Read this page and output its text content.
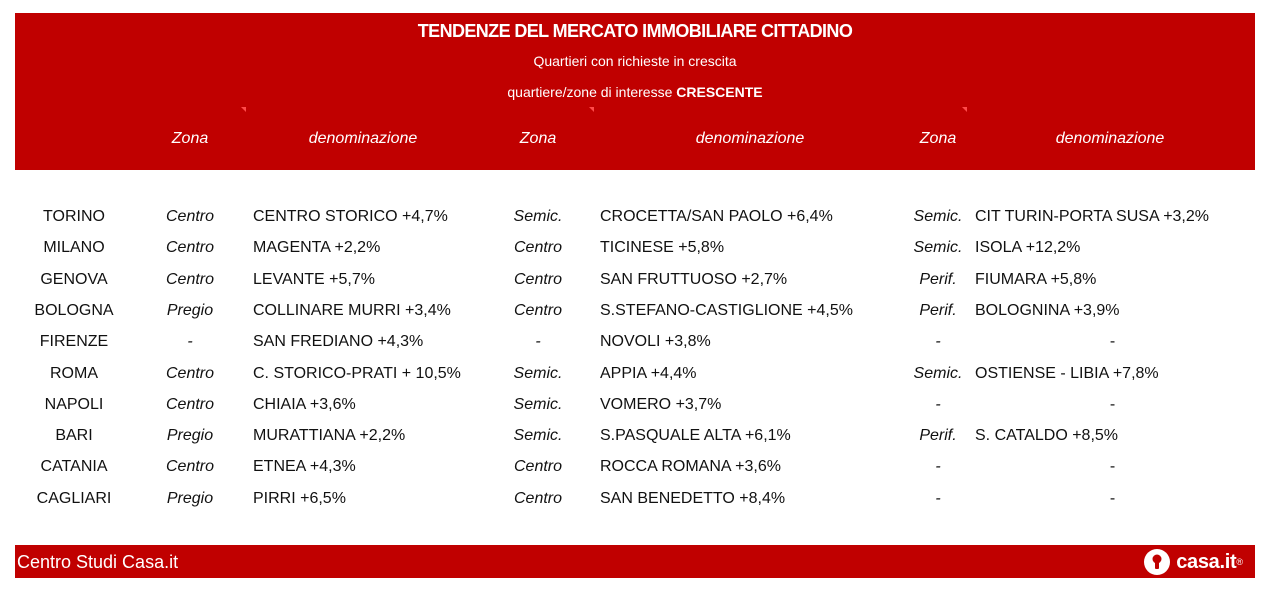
TENDENZE DEL MERCATO IMMOBILIARE CITTADINO
Quartieri con richieste in crescita
quartiere/zone di interesse CRESCENTE
Zona	denominazione	Zona	denominazione	Zona	denominazione
TORINO	Centro	CENTRO STORICO +4,7%	Semic.	CROCETTA/SAN PAOLO +6,4%	Semic. CIT TURIN-PORTA SUSA +3,2%
MILANO	Centro	MAGENTA +2,2%	Centro	TICINESE +5,8%	Semic. ISOLA +12,2%
GENOVA	Centro	LEVANTE +5,7%	Centro	SAN FRUTTUOSO +2,7%	Perif.	FIUMARA +5,8%
BOLOGNA	Pregio	COLLINARE MURRI +3,4%	Centro	S.STEFANO-CASTIGLIONE +4,5%	Perif.	BOLOGNINA +3,9%
FIRENZE	-	SAN FREDIANO +4,3%	-	NOVOLI +3,8%	-	-
ROMA	Centro	C. STORICO-PRATI + 10,5%	Semic.	APPIA +4,4%	Semic. OSTIENSE - LIBIA +7,8%
NAPOLI	Centro	CHIAIA +3,6%	Semic.	VOMERO +3,7%	-	-
BARI	Pregio	MURATTIANA +2,2%	Semic.	S.PASQUALE ALTA +6,1%	Perif.	S. CATALDO +8,5%
CATANIA	Centro	ETNEA +4,3%	Centro	ROCCA ROMANA +3,6%	-	-
CAGLIARI	Pregio	PIRRI +6,5%	Centro	SAN BENEDETTO +8,4%	-	-
Centro Studi Casa.it	casa.it ®
